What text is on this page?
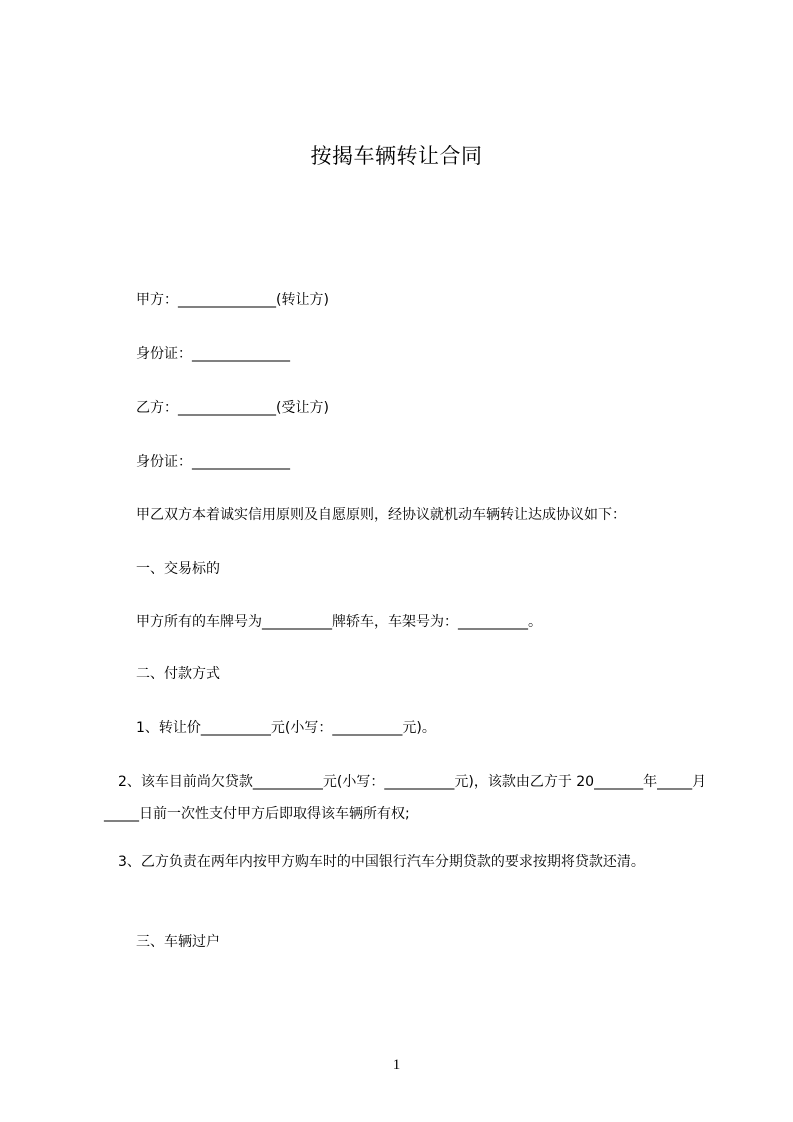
按揭车辆转让合同
甲方：______________(转让方)
身份证：______________
乙方：______________(受让方)
身份证：______________
甲乙双方本着诚实信用原则及自愿原则，经协议就机动车辆转让达成协议如下：
一、交易标的
甲方所有的车牌号为__________牌轿车，车架号为：__________。
二、付款方式
1、转让价__________元(小写：__________元)。
　2、该车目前尚欠贷款__________元(小写：__________元)，该款由乙方于 20_______年_____月_____日前一次性支付甲方后即取得该车辆所有权;
　3、乙方负责在两年内按甲方购车时的中国银行汽车分期贷款的要求按期将贷款还清。
三、车辆过户
1
